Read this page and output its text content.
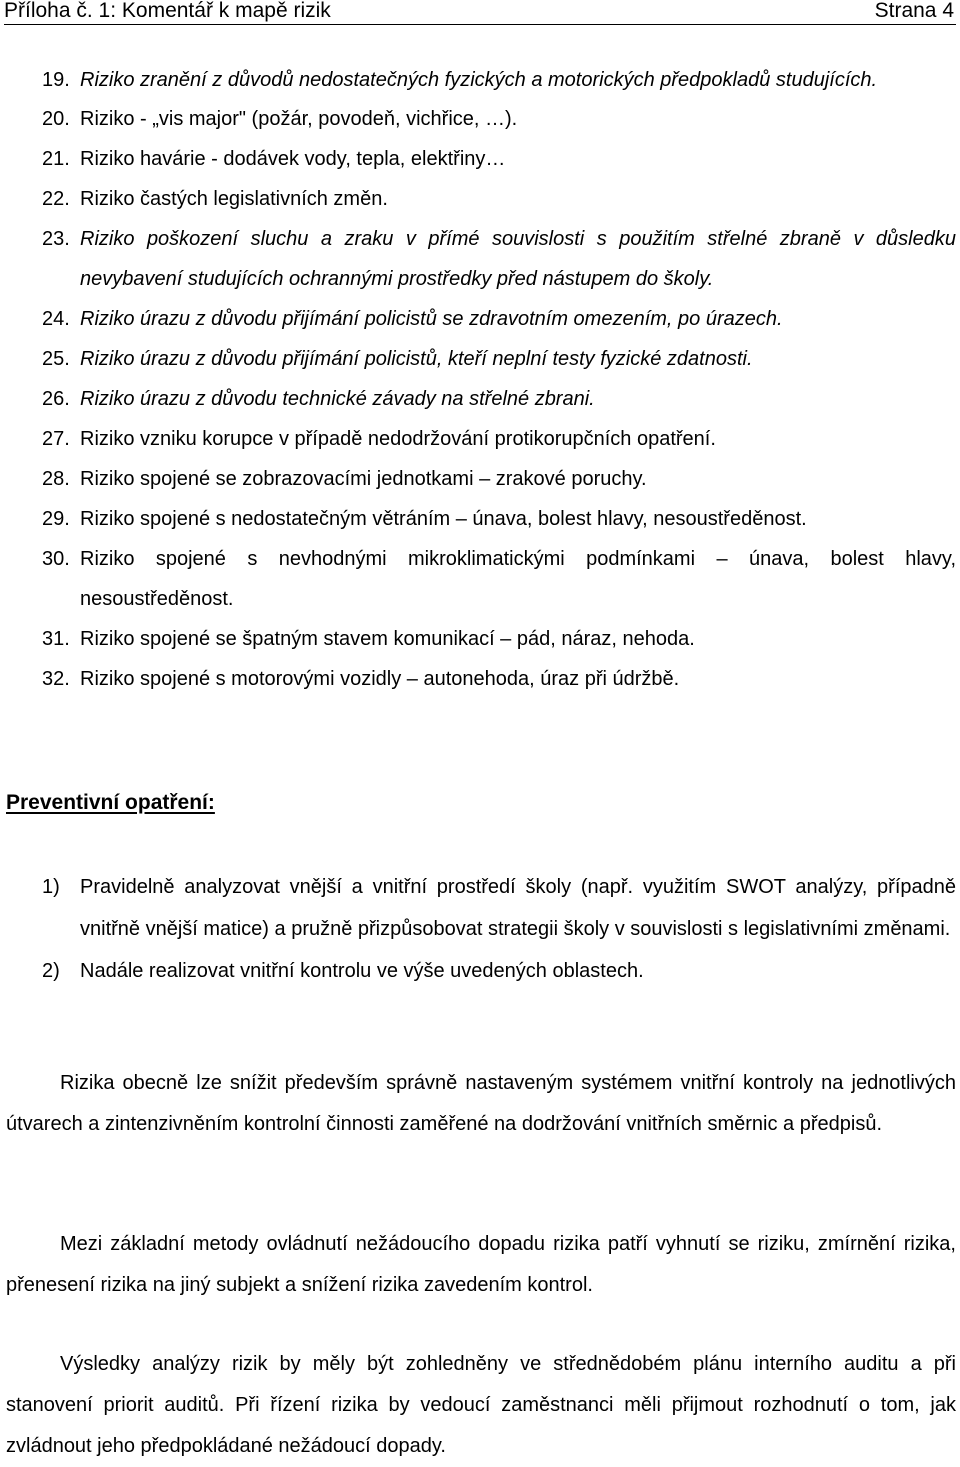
Příloha č. 1: Komentář k mapě rizik	Strana 4
19. Riziko zranění z důvodů nedostatečných fyzických a motorických předpokladů studujících.
20. Riziko - „vis major" (požár, povodeň, vichřice, …).
21. Riziko havárie - dodávek vody, tepla, elektřiny…
22. Riziko častých legislativních změn.
23. Riziko poškození sluchu a zraku v přímé souvislosti s použitím střelné zbraně v důsledku nevybavení studujících ochrannými prostředky před nástupem do školy.
24. Riziko úrazu z důvodu přijímání policistů se zdravotním omezením, po úrazech.
25. Riziko úrazu z důvodu přijímání policistů, kteří neplní testy fyzické zdatnosti.
26. Riziko úrazu z důvodu technické závady na střelné zbrani.
27. Riziko vzniku korupce v případě nedodržování protikorupčních opatření.
28. Riziko spojené se zobrazovacími jednotkami – zrakové poruchy.
29. Riziko spojené s nedostatečným větráním – únava, bolest hlavy, nesoustředěnost.
30. Riziko spojené s nevhodnými mikroklimatickými podmínkami – únava, bolest hlavy, nesoustředěnost.
31. Riziko spojené se špatným stavem komunikací – pád, náraz, nehoda.
32. Riziko spojené s motorovými vozidly – autonehoda, úraz při údržbě.
Preventivní opatření:
1) Pravidelně analyzovat vnější a vnitřní prostředí školy (např. využitím SWOT analýzy, případně vnitřně vnější matice) a pružně přizpůsobovat strategii školy v souvislosti s legislativními změnami.
2) Nadále realizovat vnitřní kontrolu ve výše uvedených oblastech.

Rizika obecně lze snížit především správně nastaveným systémem vnitřní kontroly na jednotlivých útvarech a zintenzivněním kontrolní činnosti zaměřené na dodržování vnitřních směrnic a předpisů.

Mezi základní metody ovládnutí nežádoucího dopadu rizika patří vyhnutí se riziku, zmírnění rizika, přenesení rizika na jiný subjekt a snížení rizika zavedením kontrol.

Výsledky analýzy rizik by měly být zohledněny ve střednědobém plánu interního auditu a při stanovení priorit auditů. Při řízení rizika by vedoucí zaměstnanci měli přijmout rozhodnutí o tom, jak zvládnout jeho předpokládané nežádoucí dopady.
